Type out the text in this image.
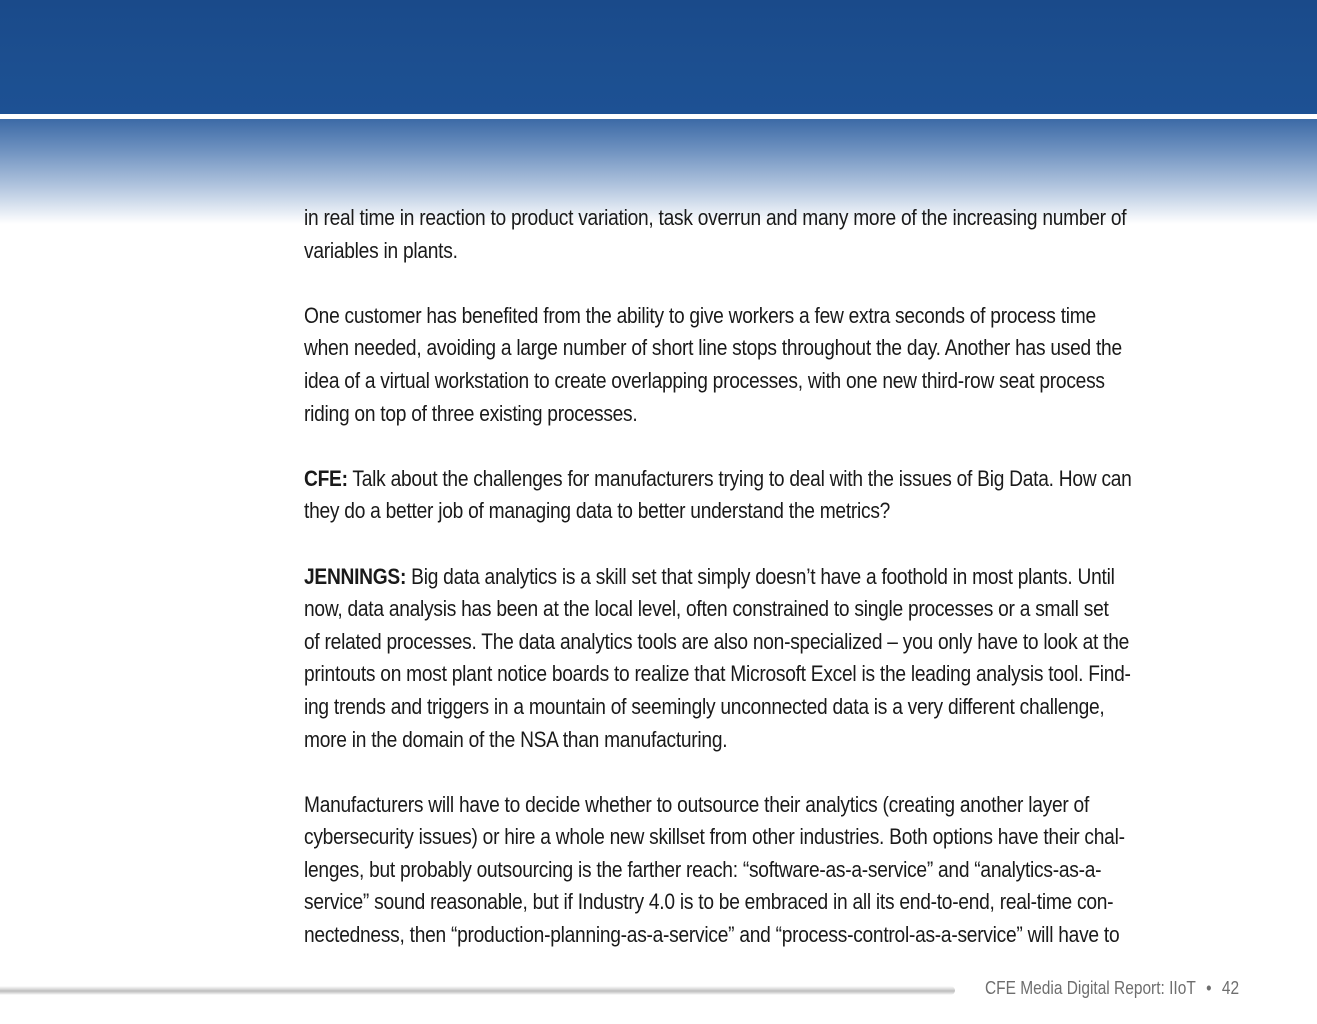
in real time in reaction to product variation, task overrun and many more of the increasing number of
variables in plants.

One customer has benefited from the ability to give workers a few extra seconds of process time
when needed, avoiding a large number of short line stops throughout the day. Another has used the
idea of a virtual workstation to create overlapping processes, with one new third-row seat process
riding on top of three existing processes.

CFE: Talk about the challenges for manufacturers trying to deal with the issues of Big Data. How can
they do a better job of managing data to better understand the metrics?

JENNINGS: Big data analytics is a skill set that simply doesn’t have a foothold in most plants. Until
now, data analysis has been at the local level, often constrained to single processes or a small set
of related processes. The data analytics tools are also non-specialized – you only have to look at the
printouts on most plant notice boards to realize that Microsoft Excel is the leading analysis tool. Find-
ing trends and triggers in a mountain of seemingly unconnected data is a very different challenge,
more in the domain of the NSA than manufacturing.

Manufacturers will have to decide whether to outsource their analytics (creating another layer of
cybersecurity issues) or hire a whole new skillset from other industries. Both options have their chal-
lenges, but probably outsourcing is the farther reach: “software-as-a-service” and “analytics-as-a-
service” sound reasonable, but if Industry 4.0 is to be embraced in all its end-to-end, real-time con-
nectedness, then “production-planning-as-a-service” and “process-control-as-a-service” will have to

CFE Media Digital Report: IIoT • 42
